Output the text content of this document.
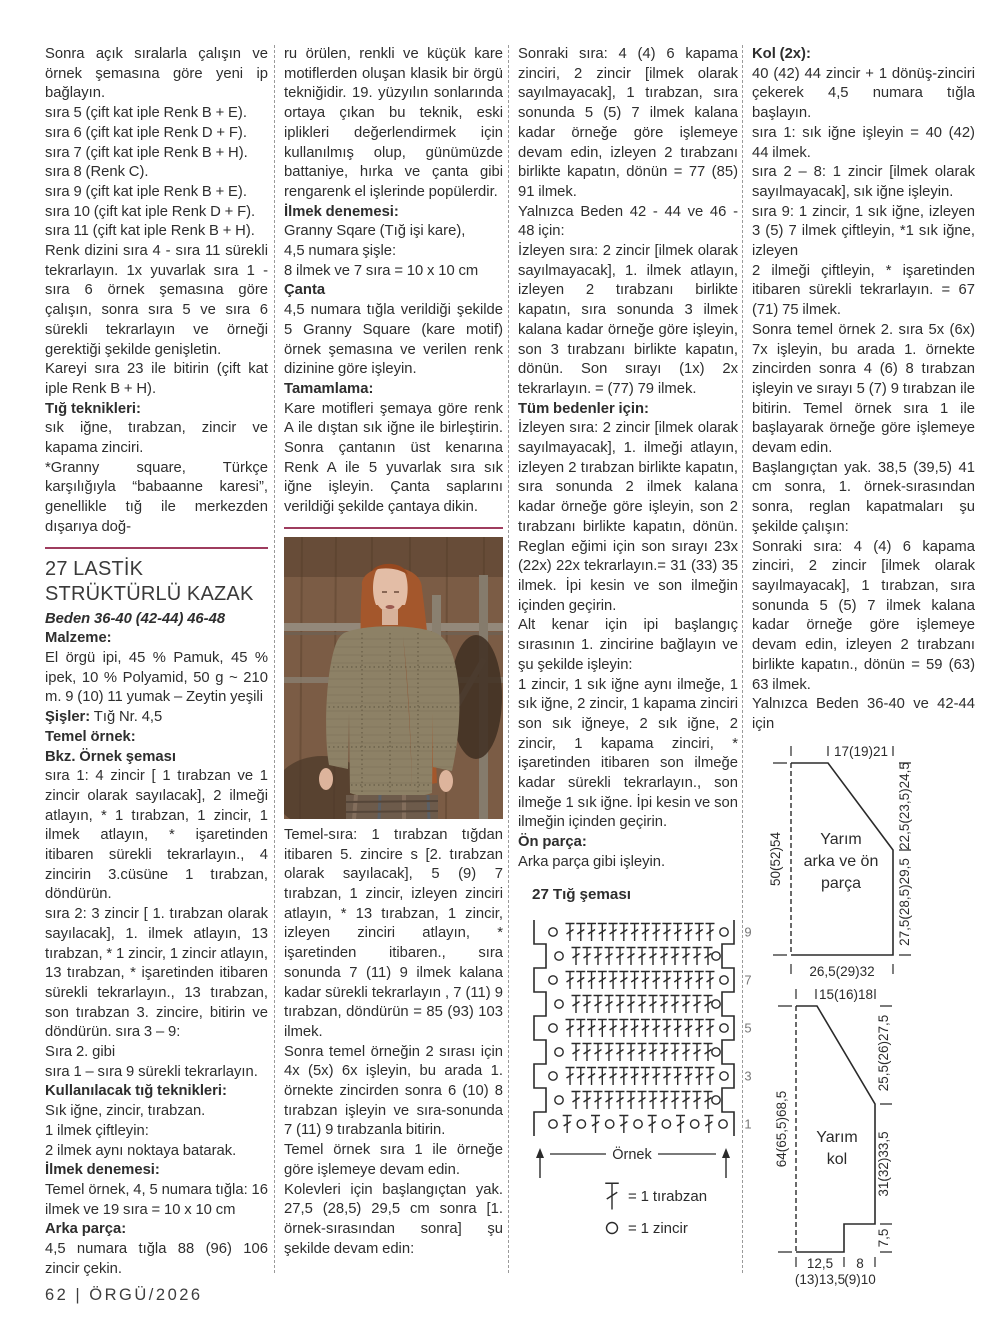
Sonra açık sıralarla çalışın ve örnek şemasına göre yeni ip bağlayın.

sıra 5 (çift kat iple Renk B + E).

sıra 6 (çift kat iple Renk D + F).

sıra 7 (çift kat iple Renk B + H).

sıra 8 (Renk C).

sıra 9 (çift kat iple Renk B + E).

sıra 10 (çift kat iple Renk D + F).

sıra 11 (çift kat iple Renk B + H).

Renk dizini sıra 4 - sıra 11 sürekli tekrarlayın. 1x yuvarlak sıra 1 - sıra 6 örnek şemasına göre çalışın, sonra sıra 5 ve sıra 6 sürekli tekrarlayın ve örneği gerektiği şekilde genişletin.

Kareyi sıra 23 ile bitirin (çift kat iple Renk B + H).

Tığ teknikleri:

sık iğne, tırabzan, zincir ve kapama zinciri.

*Granny square, Türkçe karşılığıyla “babaanne karesi”, genellikle tığ ile merkezden dışarıya doğ-

27 LASTİK
STRÜKTÜRLÜ KAZAK

Beden 36-40 (42-44) 46-48

Malzeme:

El örgü ipi, 45 % Pamuk, 45 % ipek, 10 % Polyamid, 50 g ~ 210 m. 9 (10) 11 yumak – Zeytin yeşili

Şişler: Tığ Nr. 4,5

Temel örnek:

Bkz. Örnek şeması

sıra 1: 4 zincir [ 1 tırabzan ve 1 zincir olarak sayılacak], 2 ilmeği atlayın, * 1 tırabzan, 1 zincir, 1 ilmek atlayın, * işaretinden itibaren sürekli tekrarlayın., 4 zincirin 3.cüsüne 1 tırabzan, döndürün.

sıra 2: 3 zincir [ 1. tırabzan olarak sayılacak], 1. ilmek atlayın, 13 tırabzan, * 1 zincir, 1 zincir atlayın, 13 tırabzan, * işaretinden itibaren sürekli tekrarlayın., 13 tırabzan, son tırabzan 3. zincire, bitirin ve döndürün. sıra 3 – 9:

Sıra 2. gibi

sıra 1 – sıra 9 sürekli tekrarlayın.

Kullanılacak tığ teknikleri:

Sık iğne, zincir, tırabzan.

1 ilmek çiftleyin:

2 ilmek aynı noktaya batarak.

İlmek denemesi:

Temel örnek, 4, 5 numara tığla: 16 ilmek ve 19 sıra = 10 x 10 cm

Arka parça:

4,5 numara tığla 88 (96) 106 zincir çekin.

ru örülen, renkli ve küçük kare motiflerden oluşan klasik bir örgü tekniğidir. 19. yüzyılın sonlarında ortaya çıkan bu teknik, eski iplikleri değerlendirmek için kullanılmış olup, günümüzde battaniye, hırka ve çanta gibi rengarenk el işlerinde popülerdir.

İlmek denemesi:

Granny Sqare (Tığ işi kare),

4,5 numara şişle:

8 ilmek ve 7 sıra = 10 x 10 cm

Çanta

4,5 numara tığla verildiği şekilde 5 Granny Square (kare motif) örnek şemasına ve verilen renk dizinine göre işleyin.

Tamamlama:

Kare motifleri şemaya göre renk A ile dıştan sık iğne ile birleştirin. Sonra çantanın üst kenarına Renk A ile 5 yuvarlak sıra sık iğne işleyin. Çanta saplarını verildiği şekilde çantaya dikin.

Temel-sıra: 1 tırabzan tığdan itibaren 5. zincire s [2. tırabzan olarak sayılacak], 5 (9) 7 tırabzan, 1 zincir, izleyen zinciri atlayın, * 13 tırabzan, 1 zincir, izleyen zinciri atlayın, * işaretinden itibaren., sıra sonunda 7 (11) 9 ilmek kalana kadar sürekli tekrarlayın , 7 (11) 9 tırabzan, döndürün = 85 (93) 103 ilmek.

Sonra temel örneğin 2 sırası için 4x (5x) 6x işleyin, bu arada 1. örnekte zincirden sonra 6 (10) 8 tırabzan işleyin ve sıra-sonunda 7 (11) 9 tırabzanla bitirin.

Temel örnek sıra 1 ile örneğe göre işlemeye devam edin.

Kolevleri için başlangıçtan yak. 27,5 (28,5) 29,5 cm sonra [1. örnek-sırasından sonra] şu şekilde devam edin:

Sonraki sıra: 4 (4) 6 kapama zinciri, 2 zincir [ilmek olarak sayılmayacak], 1 tırabzan, sıra sonunda 5 (5) 7 ilmek kalana kadar örneğe göre işlemeye devam edin, izleyen 2 tırabzanı birlikte kapatın, dönün = 77 (85) 91 ilmek.

Yalnızca Beden 42 - 44 ve 46 - 48 için:

İzleyen sıra: 2 zincir [ilmek olarak sayılmayacak], 1. ilmek atlayın, izleyen 2 tırabzanı birlikte kapatın, sıra sonunda 3 ilmek kalana kadar örneğe göre işleyin, son 3 tırabzanı birlikte kapatın, dönün. Son sırayı (1x) 2x tekrarlayın. = (77) 79 ilmek.

Tüm bedenler için:

İzleyen sıra: 2 zincir [ilmek olarak sayılmayacak], 1. ilmeği atlayın, izleyen 2 tırabzan birlikte kapatın, sıra sonunda 2 ilmek kalana kadar örneğe göre işleyin, son 2 tırabzanı birlikte kapatın, dönün. Reglan eğimi için son sırayı 23x (22x) 22x tekrarlayın.= 31 (33) 35 ilmek. İpi kesin ve son ilmeğin içinden geçirin.

Alt kenar için ipi başlangıç sırasının 1. zincirine bağlayın ve şu şekilde işleyin:

1 zincir, 1 sık iğne aynı ilmeğe, 1 sık iğne, 2 zincir, 1 kapama zinciri son sık iğneye, 2 sık iğne, 2 zincir, 1 kapama zinciri, * işaretinden itibaren son ilmeğe kadar sürekli tekrarlayın., son ilmeğe 1 sık iğne. İpi kesin ve son ilmeğin içinden geçirin.

Ön parça:

Arka parça gibi işleyin.

27 Tığ şeması
9
7
5
3
1
Örnek
= 1 tırabzan
= 1 zincir

Kol (2x):

40 (42) 44 zincir + 1 dönüş-zinciri çekerek 4,5 numara tığla başlayın.

sıra 1: sık iğne işleyin = 40 (42) 44 ilmek.

sıra 2 – 8: 1 zincir [ilmek olarak sayılmayacak], sık iğne işleyin.

sıra 9: 1 zincir, 1 sık iğne, izleyen 3 (5) 7 ilmek çiftleyin, *1 sık iğne, izleyen

2 ilmeği çiftleyin, * işaretinden itibaren sürekli tekrarlayın. = 67 (71) 75 ilmek.

Sonra temel örnek 2. sıra 5x (6x) 7x işleyin, bu arada 1. örnekte zincirden sonra 4 (6) 8 tırabzan işleyin ve sırayı 5 (7) 9 tırabzan ile bitirin. Temel örnek sıra 1 ile başlayarak örneğe göre işlemeye devam edin.

Başlangıçtan yak. 38,5 (39,5) 41 cm sonra, 1. örnek-sırasından sonra, reglan kapatmaları şu şekilde çalışın:

Sonraki sıra: 4 (4) 6 kapama zinciri, 2 zincir [ilmek olarak sayılmayacak], 1 tırabzan, sıra sonunda 5 (5) 7 ilmek kalana kadar örneğe göre işlemeye devam edin, izleyen 2 tırabzanı birlikte kapatın., dönün = 59 (63) 63 ilmek.

Yalnızca Beden 36-40 ve 42-44 için

17(19)21
22,5(23,5)24,5
27,5(28,5)29,5
50(52)54
26,5(29)32
Yarım
arka ve ön
parça
15(16)18
25,5(26)27,5
31(32)33,5
7,5
64(65,5)68,5
12,5 8
(13)13,5 (9)10
Yarım
kol
62 | ÖRGÜ/2026
